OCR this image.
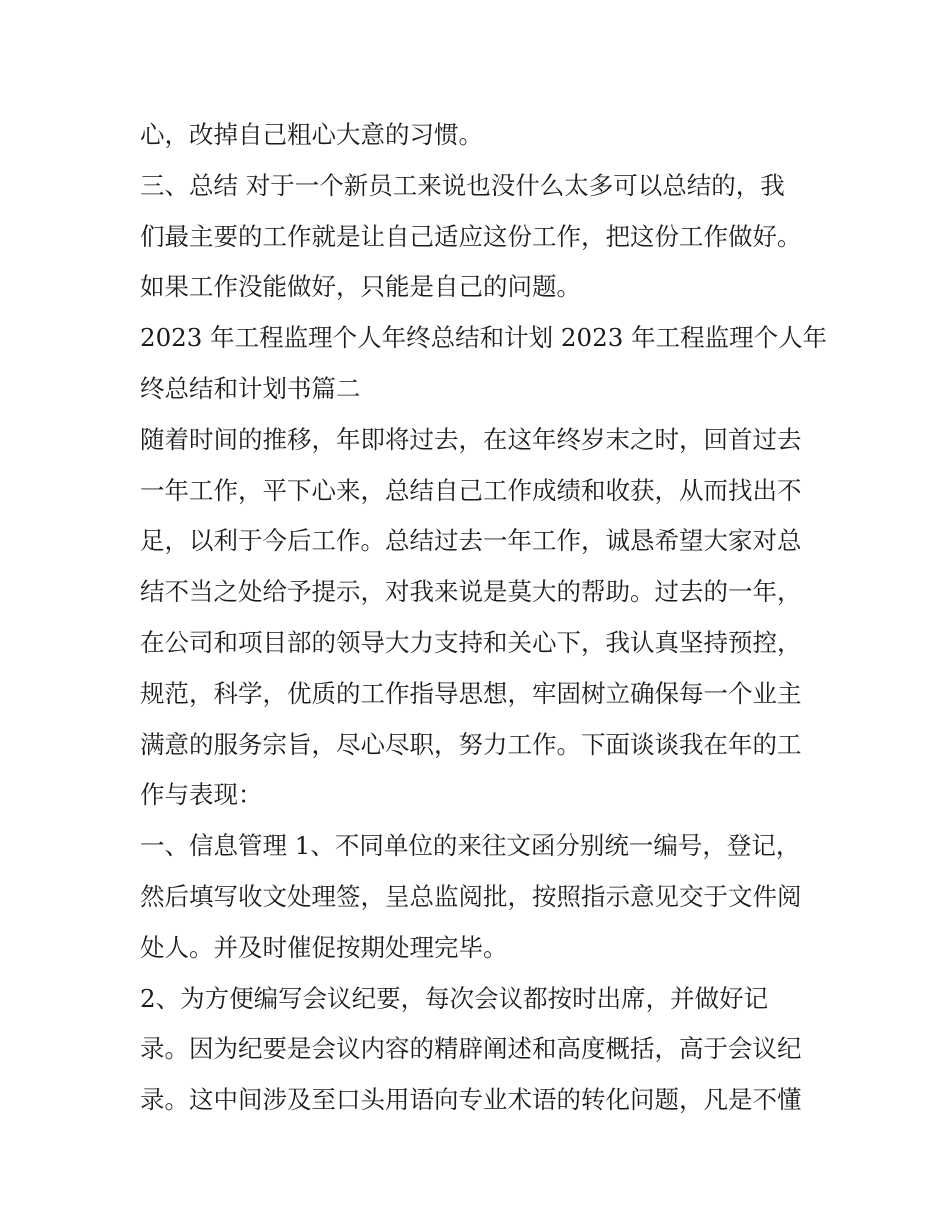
心，改掉自己粗心大意的习惯。
三、总结 对于一个新员工来说也没什么太多可以总结的，我
们最主要的工作就是让自己适应这份工作，把这份工作做好。
如果工作没能做好，只能是自己的问题。
2023 年工程监理个人年终总结和计划 2023 年工程监理个人年
终总结和计划书篇二
随着时间的推移，年即将过去，在这年终岁末之时，回首过去
一年工作，平下心来，总结自己工作成绩和收获，从而找出不
足，以利于今后工作。总结过去一年工作，诚恳希望大家对总
结不当之处给予提示，对我来说是莫大的帮助。过去的一年，
在公司和项目部的领导大力支持和关心下，我认真坚持预控，
规范，科学，优质的工作指导思想，牢固树立确保每一个业主
满意的服务宗旨，尽心尽职，努力工作。下面谈谈我在年的工
作与表现：
一、信息管理 1、不同单位的来往文函分别统一编号，登记，
然后填写收文处理签，呈总监阅批，按照指示意见交于文件阅
处人。并及时催促按期处理完毕。
2、为方便编写会议纪要，每次会议都按时出席，并做好记
录。因为纪要是会议内容的精辟阐述和高度概括，高于会议纪
录。这中间涉及至口头用语向专业术语的转化问题，凡是不懂
